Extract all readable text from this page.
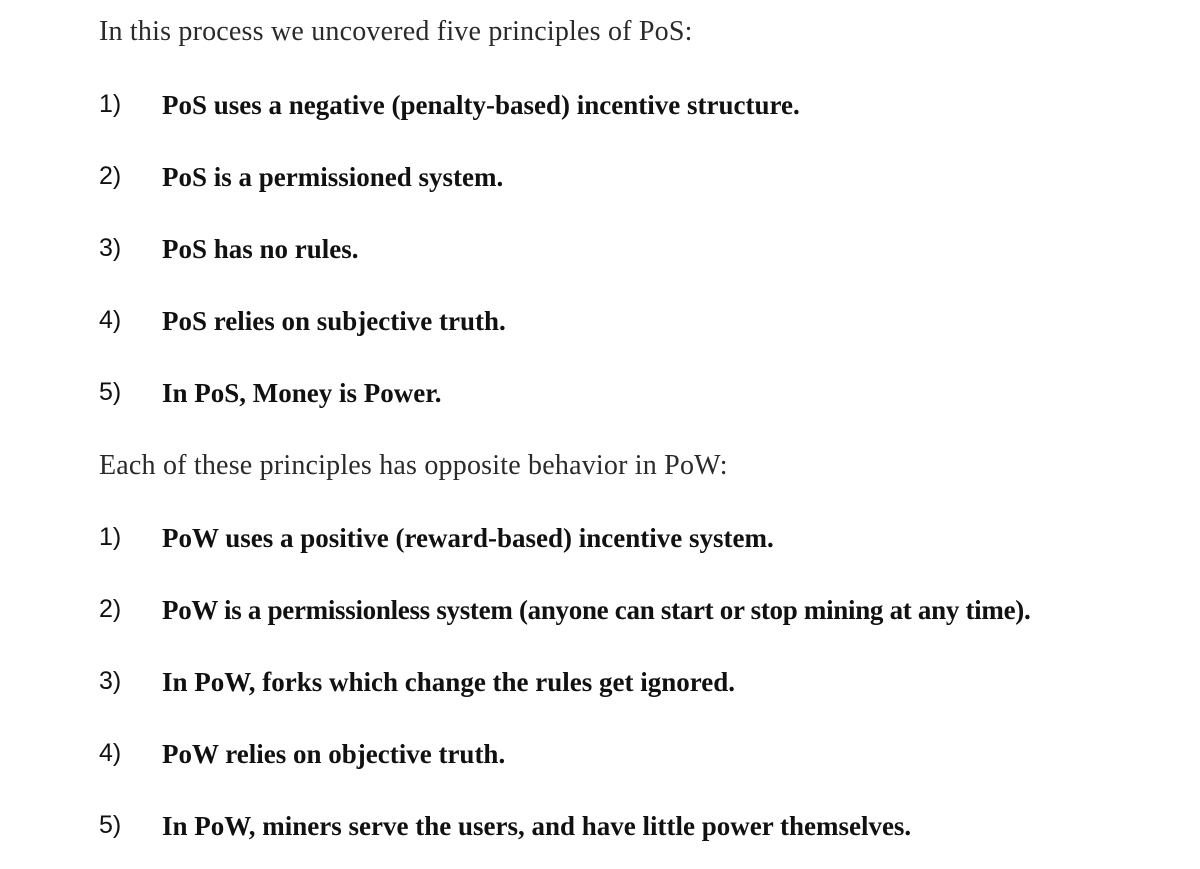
In this process we uncovered five principles of PoS:

1) PoS uses a negative (penalty-based) incentive structure.
2) PoS is a permissioned system.
3) PoS has no rules.
4) PoS relies on subjective truth.
5) In PoS, Money is Power.

Each of these principles has opposite behavior in PoW:

1) PoW uses a positive (reward-based) incentive system.
2) PoW is a permissionless system (anyone can start or stop mining at any time).
3) In PoW, forks which change the rules get ignored.
4) PoW relies on objective truth.
5) In PoW, miners serve the users, and have little power themselves.
